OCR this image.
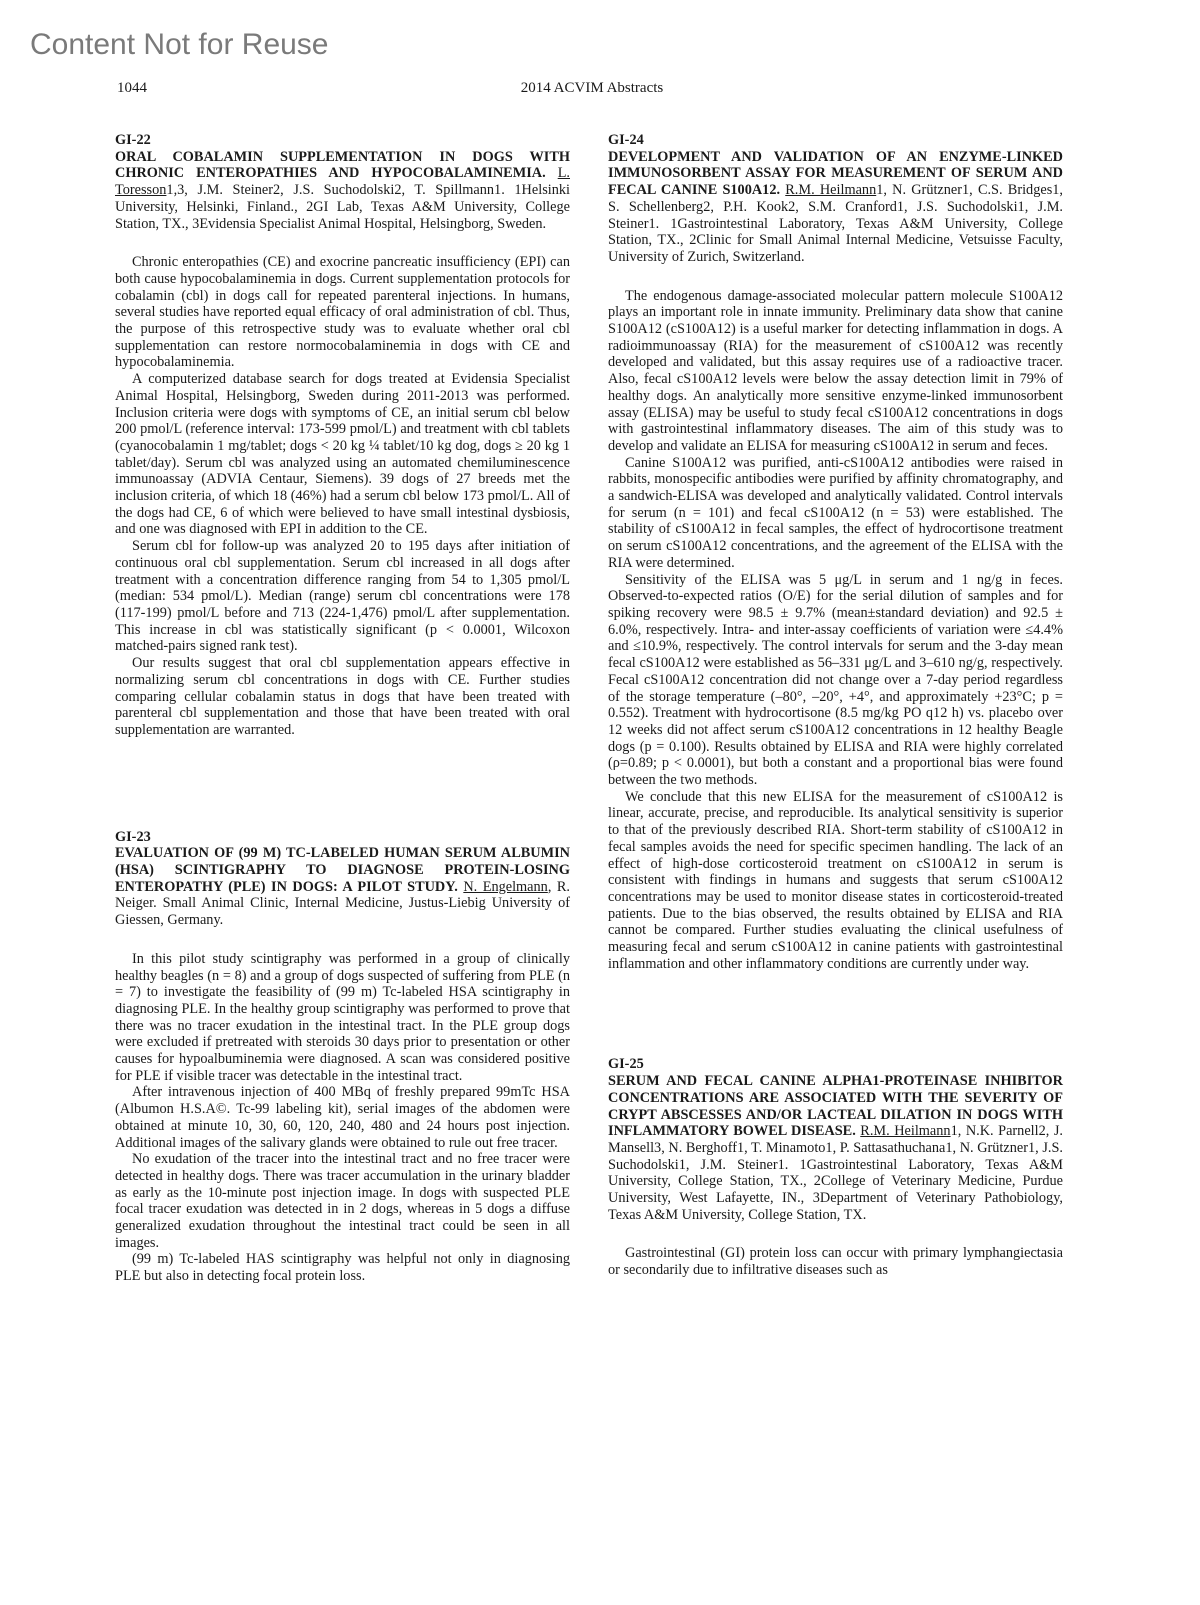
Content Not for Reuse
1044	2014 ACVIM Abstracts
GI-22
ORAL COBALAMIN SUPPLEMENTATION IN DOGS WITH CHRONIC ENTEROPATHIES AND HYPOCOBALAMINEMIA. L. Toresson1,3, J.M. Steiner2, J.S. Suchodolski2, T. Spillmann1. 1Helsinki University, Helsinki, Finland., 2GI Lab, Texas A&M University, College Station, TX., 3Evidensia Specialist Animal Hospital, Helsingborg, Sweden.

Chronic enteropathies (CE) and exocrine pancreatic insufficiency (EPI) can both cause hypocobalaminemia in dogs. Current supplementation protocols for cobalamin (cbl) in dogs call for repeated parenteral injections. In humans, several studies have reported equal efficacy of oral administration of cbl. Thus, the purpose of this retrospective study was to evaluate whether oral cbl supplementation can restore normocobalaminemia in dogs with CE and hypocobalaminemia.

A computerized database search for dogs treated at Evidensia Specialist Animal Hospital, Helsingborg, Sweden during 2011-2013 was performed. Inclusion criteria were dogs with symptoms of CE, an initial serum cbl below 200 pmol/L (reference interval: 173-599 pmol/L) and treatment with cbl tablets (cyanocobalamin 1 mg/tablet; dogs < 20 kg ¼ tablet/10 kg dog, dogs ≥ 20 kg 1 tablet/day). Serum cbl was analyzed using an automated chemiluminescence immunoassay (ADVIA Centaur, Siemens). 39 dogs of 27 breeds met the inclusion criteria, of which 18 (46%) had a serum cbl below 173 pmol/L. All of the dogs had CE, 6 of which were believed to have small intestinal dysbiosis, and one was diagnosed with EPI in addition to the CE.

Serum cbl for follow-up was analyzed 20 to 195 days after initiation of continuous oral cbl supplementation. Serum cbl increased in all dogs after treatment with a concentration difference ranging from 54 to 1,305 pmol/L (median: 534 pmol/L). Median (range) serum cbl concentrations were 178 (117-199) pmol/L before and 713 (224-1,476) pmol/L after supplementation. This increase in cbl was statistically significant (p < 0.0001, Wilcoxon matched-pairs signed rank test).

Our results suggest that oral cbl supplementation appears effective in normalizing serum cbl concentrations in dogs with CE. Further studies comparing cellular cobalamin status in dogs that have been treated with parenteral cbl supplementation and those that have been treated with oral supplementation are warranted.

GI-23
EVALUATION OF (99 M) TC-LABELED HUMAN SERUM ALBUMIN (HSA) SCINTIGRAPHY TO DIAGNOSE PROTEIN-LOSING ENTEROPATHY (PLE) IN DOGS: A PILOT STUDY. N. Engelmann, R. Neiger. Small Animal Clinic, Internal Medicine, Justus-Liebig University of Giessen, Germany.

In this pilot study scintigraphy was performed in a group of clinically healthy beagles (n = 8) and a group of dogs suspected of suffering from PLE (n = 7) to investigate the feasibility of (99 m) Tc-labeled HSA scintigraphy in diagnosing PLE. In the healthy group scintigraphy was performed to prove that there was no tracer exudation in the intestinal tract. In the PLE group dogs were excluded if pretreated with steroids 30 days prior to presentation or other causes for hypoalbuminemia were diagnosed. A scan was considered positive for PLE if visible tracer was detectable in the intestinal tract.

After intravenous injection of 400 MBq of freshly prepared 99mTc HSA (Albumon H.S.A©. Tc-99 labeling kit), serial images of the abdomen were obtained at minute 10, 30, 60, 120, 240, 480 and 24 hours post injection. Additional images of the salivary glands were obtained to rule out free tracer.

No exudation of the tracer into the intestinal tract and no free tracer were detected in healthy dogs. There was tracer accumulation in the urinary bladder as early as the 10-minute post injection image. In dogs with suspected PLE focal tracer exudation was detected in in 2 dogs, whereas in 5 dogs a diffuse generalized exudation throughout the intestinal tract could be seen in all images.

(99 m) Tc-labeled HAS scintigraphy was helpful not only in diagnosing PLE but also in detecting focal protein loss.

GI-24
DEVELOPMENT AND VALIDATION OF AN ENZYME-LINKED IMMUNOSORBENT ASSAY FOR MEASUREMENT OF SERUM AND FECAL CANINE S100A12. R.M. Heilmann1, N. Grützner1, C.S. Bridges1, S. Schellenberg2, P.H. Kook2, S.M. Cranford1, J.S. Suchodolski1, J.M. Steiner1. 1Gastrointestinal Laboratory, Texas A&M University, College Station, TX., 2Clinic for Small Animal Internal Medicine, Vetsuisse Faculty, University of Zurich, Switzerland.

The endogenous damage-associated molecular pattern molecule S100A12 plays an important role in innate immunity. Preliminary data show that canine S100A12 (cS100A12) is a useful marker for detecting inflammation in dogs. A radioimmunoassay (RIA) for the measurement of cS100A12 was recently developed and validated, but this assay requires use of a radioactive tracer. Also, fecal cS100A12 levels were below the assay detection limit in 79% of healthy dogs. An analytically more sensitive enzyme-linked immunosorbent assay (ELISA) may be useful to study fecal cS100A12 concentrations in dogs with gastrointestinal inflammatory diseases. The aim of this study was to develop and validate an ELISA for measuring cS100A12 in serum and feces.

Canine S100A12 was purified, anti-cS100A12 antibodies were raised in rabbits, monospecific antibodies were purified by affinity chromatography, and a sandwich-ELISA was developed and analytically validated. Control intervals for serum (n = 101) and fecal cS100A12 (n = 53) were established. The stability of cS100A12 in fecal samples, the effect of hydrocortisone treatment on serum cS100A12 concentrations, and the agreement of the ELISA with the RIA were determined.

Sensitivity of the ELISA was 5 μg/L in serum and 1 ng/g in feces. Observed-to-expected ratios (O/E) for the serial dilution of samples and for spiking recovery were 98.5 ± 9.7% (mean±standard deviation) and 92.5 ± 6.0%, respectively. Intra- and inter-assay coefficients of variation were ≤4.4% and ≤10.9%, respectively. The control intervals for serum and the 3-day mean fecal cS100A12 were established as 56–331 μg/L and 3–610 ng/g, respectively. Fecal cS100A12 concentration did not change over a 7-day period regardless of the storage temperature (–80°, –20°, +4°, and approximately +23°C; p = 0.552). Treatment with hydrocortisone (8.5 mg/kg PO q12 h) vs. placebo over 12 weeks did not affect serum cS100A12 concentrations in 12 healthy Beagle dogs (p = 0.100). Results obtained by ELISA and RIA were highly correlated (ρ=0.89; p < 0.0001), but both a constant and a proportional bias were found between the two methods.

We conclude that this new ELISA for the measurement of cS100A12 is linear, accurate, precise, and reproducible. Its analytical sensitivity is superior to that of the previously described RIA. Short-term stability of cS100A12 in fecal samples avoids the need for specific specimen handling. The lack of an effect of high-dose corticosteroid treatment on cS100A12 in serum is consistent with findings in humans and suggests that serum cS100A12 concentrations may be used to monitor disease states in corticosteroid-treated patients. Due to the bias observed, the results obtained by ELISA and RIA cannot be compared. Further studies evaluating the clinical usefulness of measuring fecal and serum cS100A12 in canine patients with gastrointestinal inflammation and other inflammatory conditions are currently under way.

GI-25
SERUM AND FECAL CANINE ALPHA1-PROTEINASE INHIBITOR CONCENTRATIONS ARE ASSOCIATED WITH THE SEVERITY OF CRYPT ABSCESSES AND/OR LACTEAL DILATION IN DOGS WITH INFLAMMATORY BOWEL DISEASE. R.M. Heilmann1, N.K. Parnell2, J. Mansell3, N. Berghoff1, T. Minamoto1, P. Sattasathuchana1, N. Grützner1, J.S. Suchodolski1, J.M. Steiner1. 1Gastrointestinal Laboratory, Texas A&M University, College Station, TX., 2College of Veterinary Medicine, Purdue University, West Lafayette, IN., 3Department of Veterinary Pathobiology, Texas A&M University, College Station, TX.

Gastrointestinal (GI) protein loss can occur with primary lymphangiectasia or secondarily due to infiltrative diseases such as
